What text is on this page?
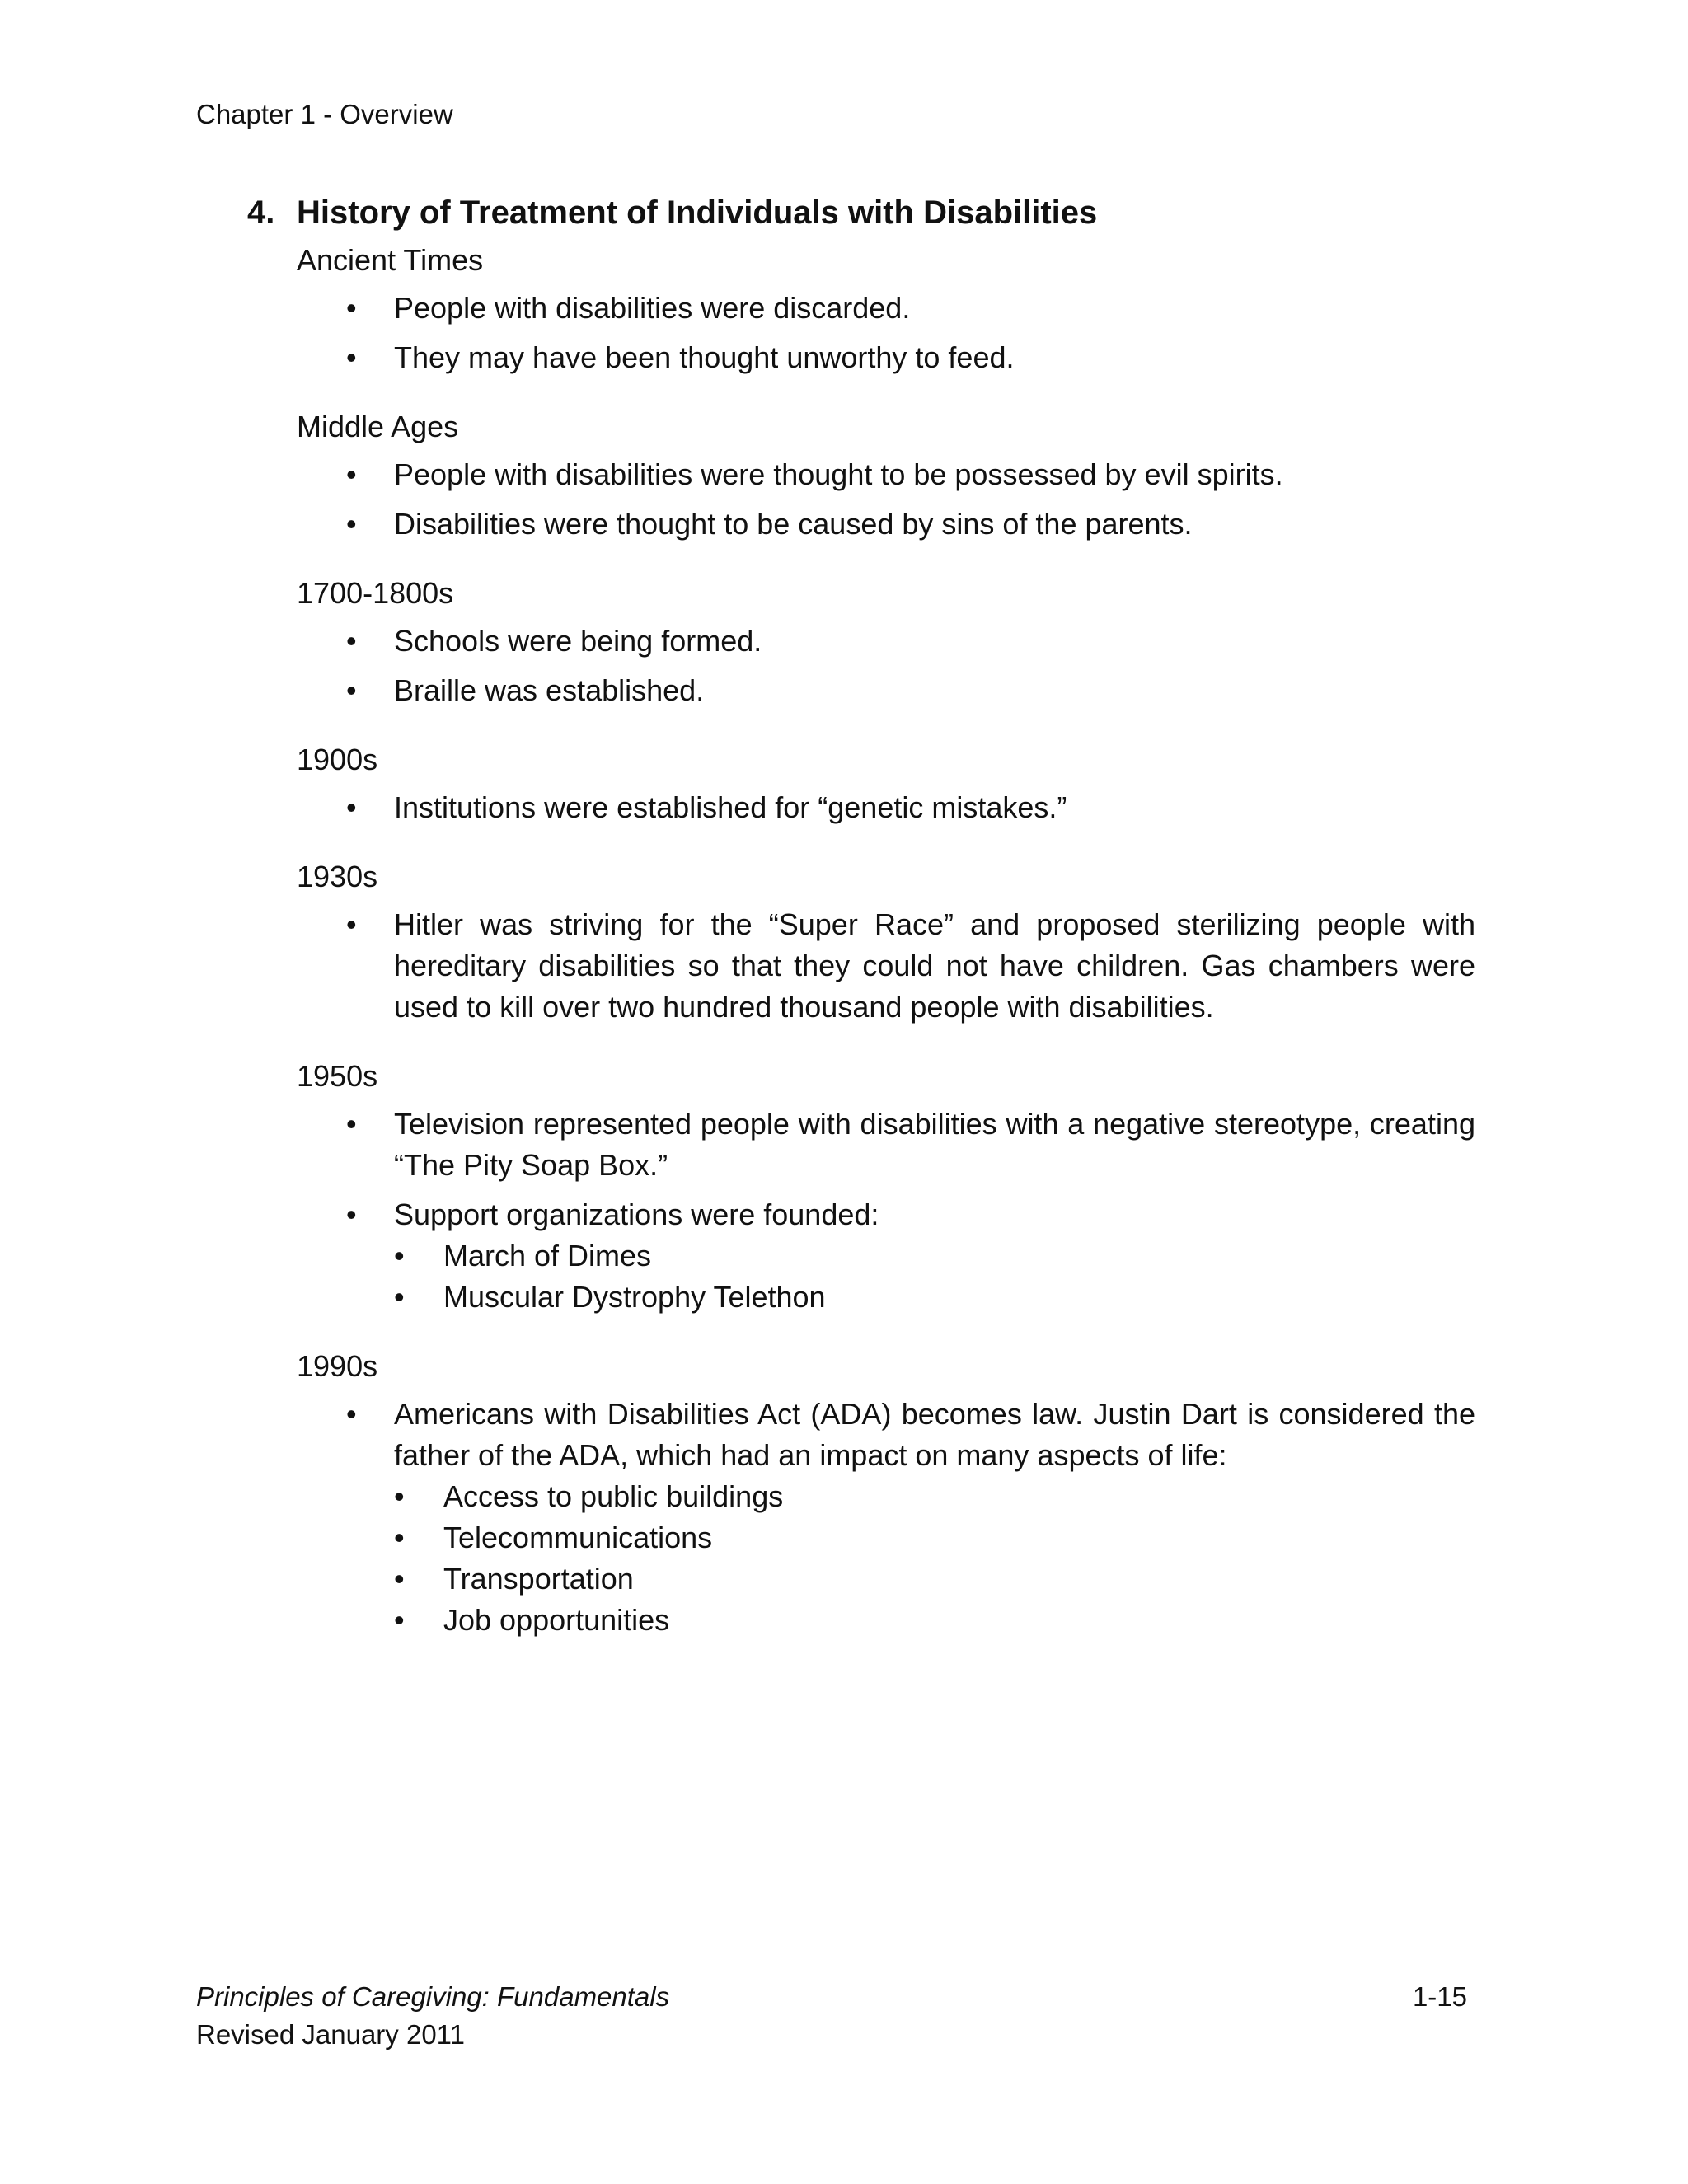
Chapter 1 - Overview
4. History of Treatment of Individuals with Disabilities
Ancient Times
• People with disabilities were discarded.
• They may have been thought unworthy to feed.
Middle Ages
• People with disabilities were thought to be possessed by evil spirits.
• Disabilities were thought to be caused by sins of the parents.
1700-1800s
• Schools were being formed.
• Braille was established.
1900s
• Institutions were established for “genetic mistakes.”
1930s
• Hitler was striving for the “Super Race” and proposed sterilizing people with hereditary disabilities so that they could not have children. Gas chambers were used to kill over two hundred thousand people with disabilities.
1950s
• Television represented people with disabilities with a negative stereotype, creating “The Pity Soap Box.”
• Support organizations were founded:
• March of Dimes
• Muscular Dystrophy Telethon
1990s
• Americans with Disabilities Act (ADA) becomes law. Justin Dart is considered the father of the ADA, which had an impact on many aspects of life:
• Access to public buildings
• Telecommunications
• Transportation
• Job opportunities
Principles of Caregiving: Fundamentals
Revised January 2011
1-15
